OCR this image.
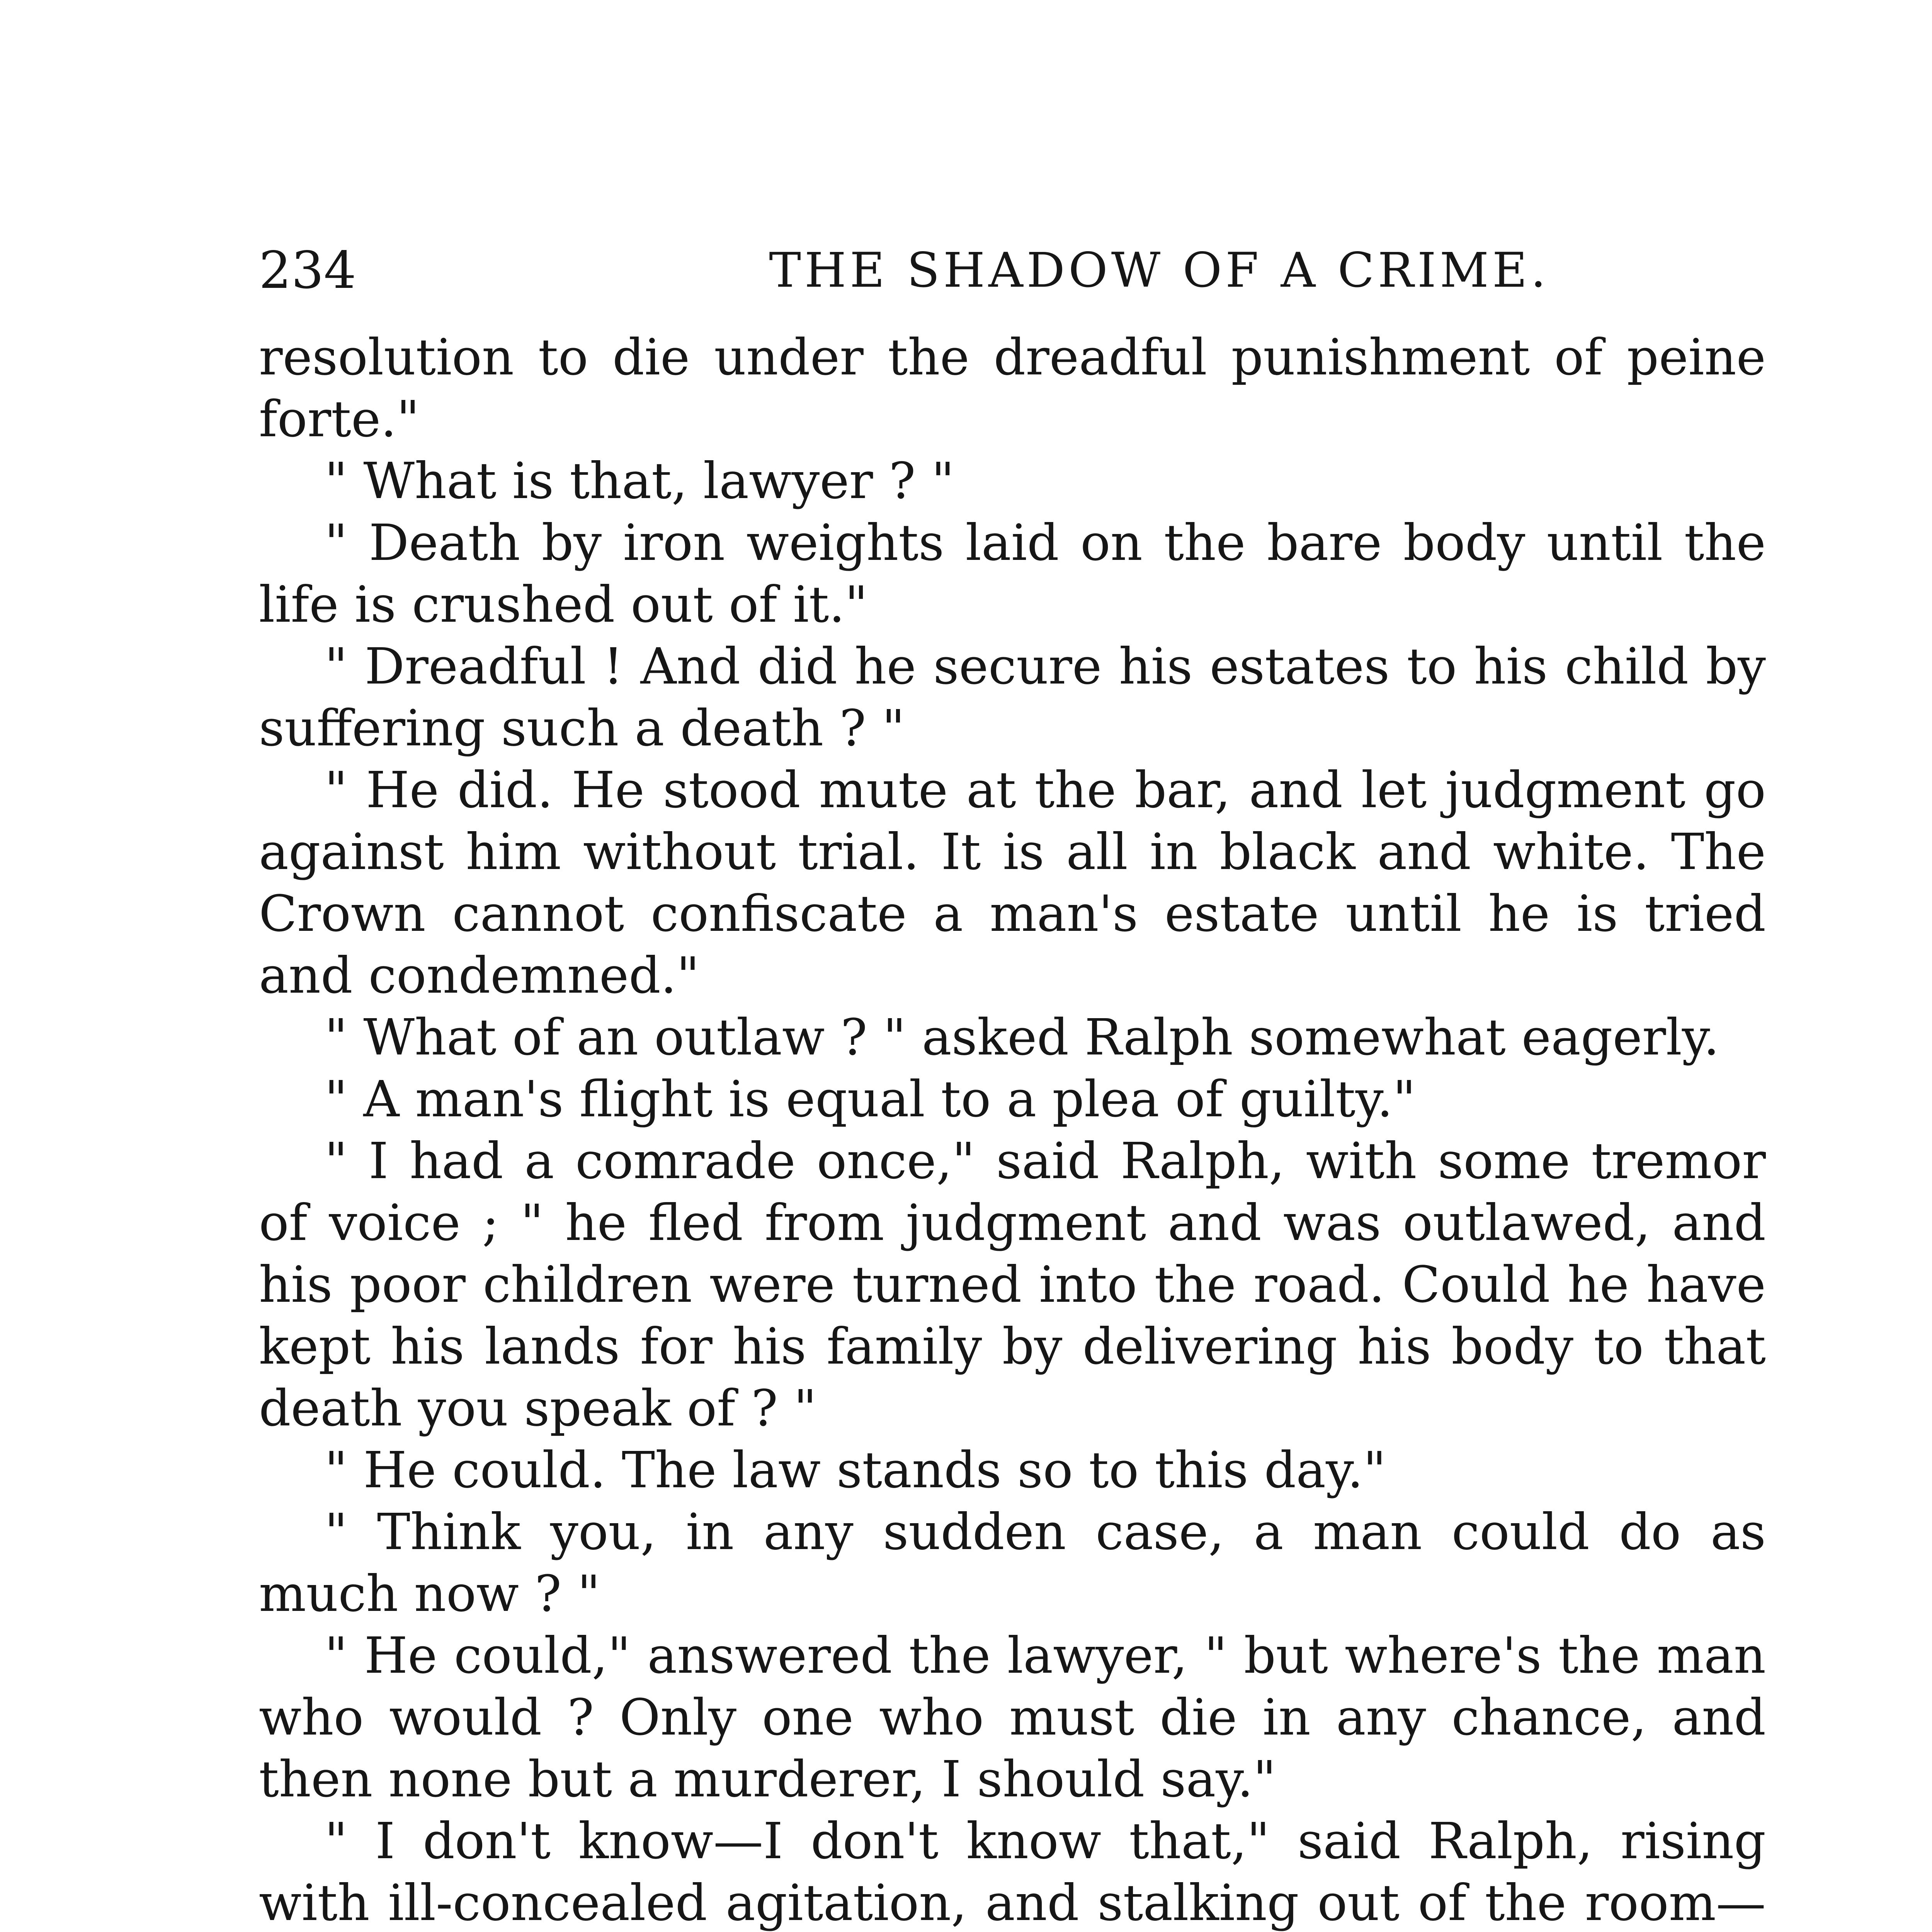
234	THE SHADOW OF A CRIME.

resolution to die under the dreadful punishment of peine forte."

" What is that, lawyer ? "

" Death by iron weights laid on the bare body until the life is crushed out of it."

" Dreadful ! And did he secure his estates to his child by suffering such a death ? "

" He did. He stood mute at the bar, and let judgment go against him without trial. It is all in black and white. The Crown cannot confiscate a man's estate until he is tried and condemned."

" What of an outlaw ? " asked Ralph somewhat eagerly.

" A man's flight is equal to a plea of guilty."

" I had a comrade once," said Ralph, with some tremor of voice ; " he fled from judgment and was outlawed, and his poor children were turned into the road. Could he have kept his lands for his family by delivering his body to that death you speak of ? "

" He could. The law stands so to this day."

" Think you, in any sudden case, a man could do as much now ? "

" He could," answered the lawyer, " but where's the man who would ? Only one who must die in any chance, and then none but a murderer, I should say."

" I don't know—I don't know that," said Ralph, rising with ill-concealed agitation, and stalking out of the room—
